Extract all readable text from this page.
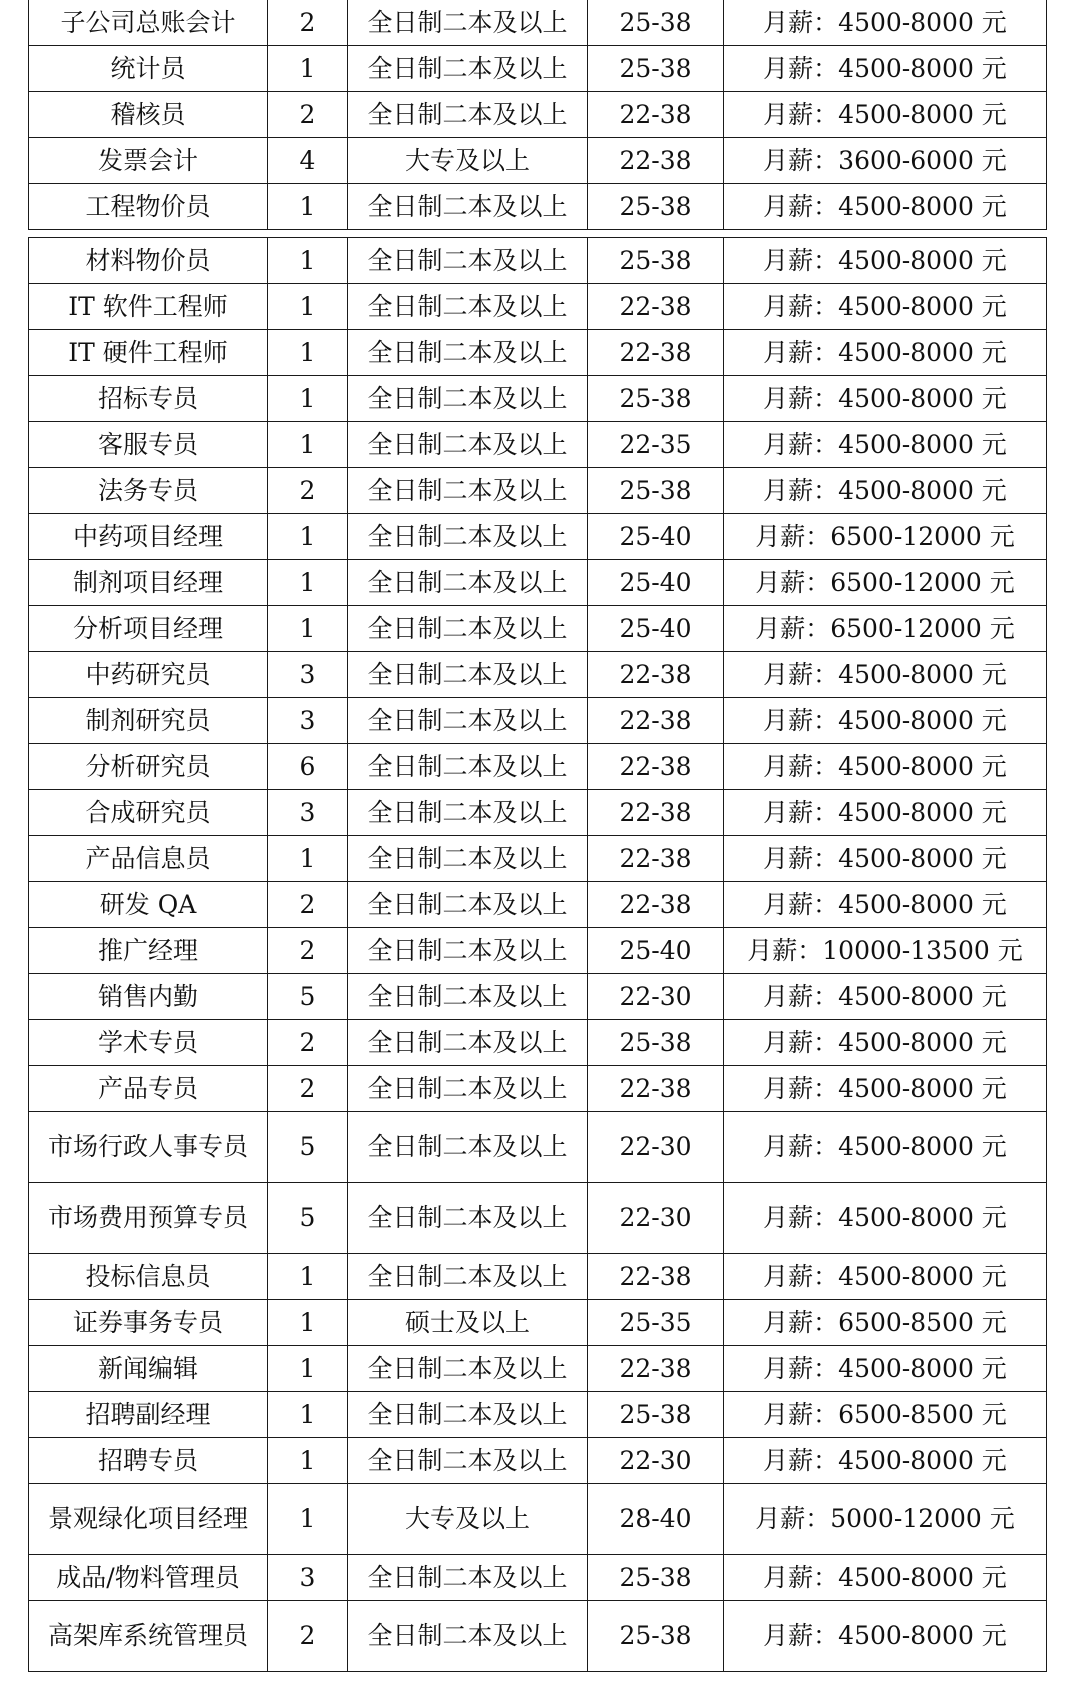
子公司总账会计	2	全日制二本及以上	25-38	月薪：4500-8000 元
统计员	1	全日制二本及以上	25-38	月薪：4500-8000 元
稽核员	2	全日制二本及以上	22-38	月薪：4500-8000 元
发票会计	4	大专及以上	22-38	月薪：3600-6000 元
工程物价员	1	全日制二本及以上	25-38	月薪：4500-8000 元
材料物价员	1	全日制二本及以上	25-38	月薪：4500-8000 元
IT 软件工程师	1	全日制二本及以上	22-38	月薪：4500-8000 元
IT 硬件工程师	1	全日制二本及以上	22-38	月薪：4500-8000 元
招标专员	1	全日制二本及以上	25-38	月薪：4500-8000 元
客服专员	1	全日制二本及以上	22-35	月薪：4500-8000 元
法务专员	2	全日制二本及以上	25-38	月薪：4500-8000 元
中药项目经理	1	全日制二本及以上	25-40	月薪：6500-12000 元
制剂项目经理	1	全日制二本及以上	25-40	月薪：6500-12000 元
分析项目经理	1	全日制二本及以上	25-40	月薪：6500-12000 元
中药研究员	3	全日制二本及以上	22-38	月薪：4500-8000 元
制剂研究员	3	全日制二本及以上	22-38	月薪：4500-8000 元
分析研究员	6	全日制二本及以上	22-38	月薪：4500-8000 元
合成研究员	3	全日制二本及以上	22-38	月薪：4500-8000 元
产品信息员	1	全日制二本及以上	22-38	月薪：4500-8000 元
研发 QA	2	全日制二本及以上	22-38	月薪：4500-8000 元
推广经理	2	全日制二本及以上	25-40	月薪：10000-13500 元
销售内勤	5	全日制二本及以上	22-30	月薪：4500-8000 元
学术专员	2	全日制二本及以上	25-38	月薪：4500-8000 元
产品专员	2	全日制二本及以上	22-38	月薪：4500-8000 元
市场行政人事专员	5	全日制二本及以上	22-30	月薪：4500-8000 元
市场费用预算专员	5	全日制二本及以上	22-30	月薪：4500-8000 元
投标信息员	1	全日制二本及以上	22-38	月薪：4500-8000 元
证券事务专员	1	硕士及以上	25-35	月薪：6500-8500 元
新闻编辑	1	全日制二本及以上	22-38	月薪：4500-8000 元
招聘副经理	1	全日制二本及以上	25-38	月薪：6500-8500 元
招聘专员	1	全日制二本及以上	22-30	月薪：4500-8000 元
景观绿化项目经理	1	大专及以上	28-40	月薪：5000-12000 元
成品/物料管理员	3	全日制二本及以上	25-38	月薪：4500-8000 元
高架库系统管理员	2	全日制二本及以上	25-38	月薪：4500-8000 元
